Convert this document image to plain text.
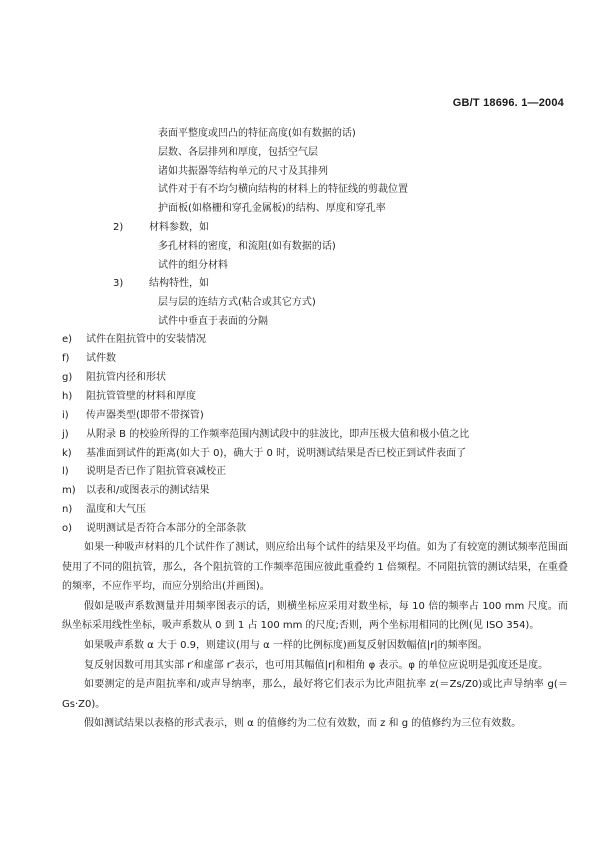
GB/T 18696. 1—2004
表面平整度或凹凸的特征高度(如有数据的话)
层数、各层排列和厚度，包括空气层
诸如共振器等结构单元的尺寸及其排列
试件对于有不均匀横向结构的材料上的特征线的剪裁位置
护面板(如格栅和穿孔金属板)的结构、厚度和穿孔率
2)	材料参数，如
多孔材料的密度，和流阻(如有数据的话)
试件的组分材料
3)	结构特性，如
层与层的连结方式(粘合或其它方式)
试件中垂直于表面的分隔
e) 试件在阻抗管中的安装情况
f) 试件数
g) 阻抗管内径和形状
h) 阻抗管管壁的材料和厚度
i) 传声器类型(即带不带探管)
j) 从附录 B 的校验所得的工作频率范围内测试段中的驻波比，即声压极大值和极小值之比
k) 基准面到试件的距离(如大于 0)，确大于 0 时，说明测试结果是否已校正到试件表面了
l) 说明是否已作了阻抗管衰减校正
m) 以表和/或图表示的测试结果
n) 温度和大气压
o) 说明测试是否符合本部分的全部条款

如果一种吸声材料的几个试件作了测试，则应给出每个试件的结果及平均值。如为了有较宽的测试频率范围面使用了不同的阻抗管，那么，各个阻抗管的工作频率范围应彼此重叠约 1 倍频程。不同阻抗管的测试结果，在重叠的频率，不应作平均，而应分别给出(并画图)。

假如是吸声系数测量并用频率图表示的话，则横坐标应采用对数坐标，每 10 倍的频率占 100 mm 尺度。而纵坐标采用线性坐标，吸声系数从 0 到 1 占 100 mm 的尺度;否则，两个坐标用相同的比例(见 ISO 354)。

如果吸声系数 α 大于 0.9，则建议(用与 α 一样的比例标度)画复反射因数幅值|r|的频率图。

复反射因数可用其实部 r′和虚部 r″表示，也可用其幅值|r|和相角 φ 表示。φ 的单位应说明是弧度还是度。

如要测定的是声阻抗率和/或声导纳率，那么，最好将它们表示为比声阻抗率 z(＝Zs/Z0)或比声导纳率 g(＝Gs·Z0)。

假如测试结果以表格的形式表示，则 α 的值修约为二位有效数，而 z 和 g 的值修约为三位有效数。
